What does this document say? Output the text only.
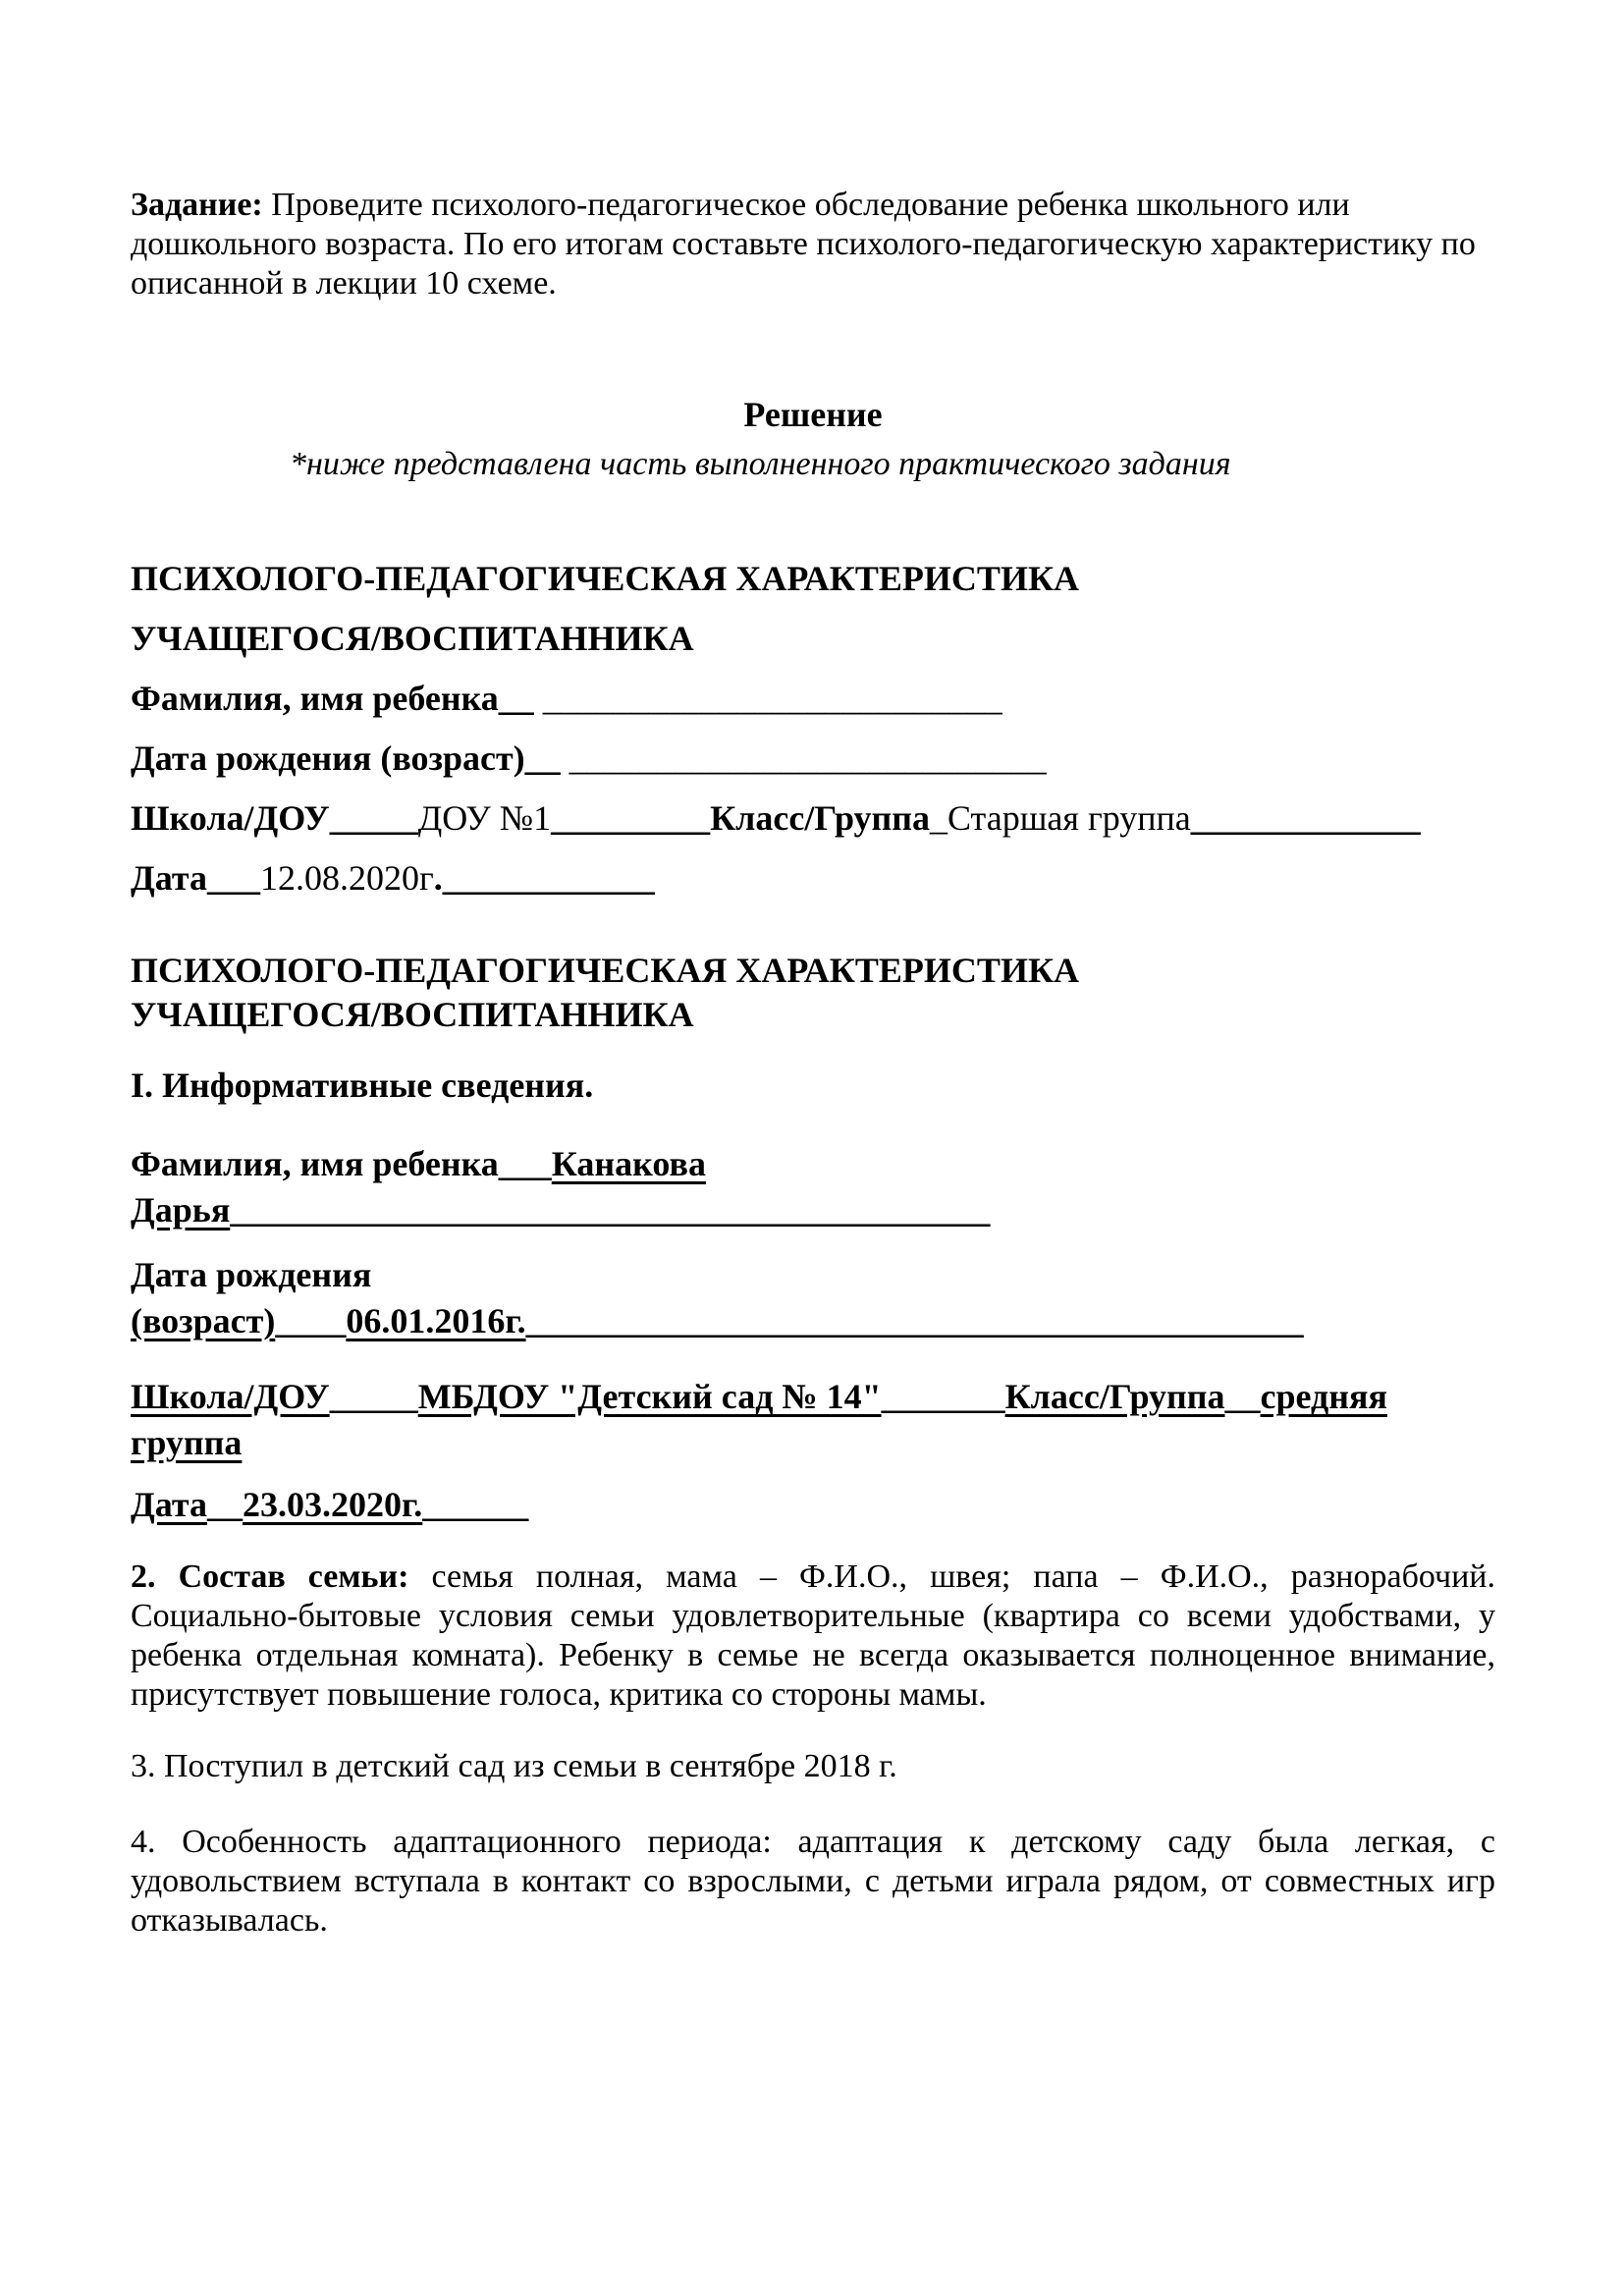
Задание: Проведите психолого-педагогическое обследование ребенка школьного или дошкольного возраста. По его итогам составьте психолого-педагогическую характеристику по описанной в лекции 10 схеме.

Решение

*ниже представлена часть выполненного практического задания

ПСИХОЛОГО-ПЕДАГОГИЧЕСКАЯ ХАРАКТЕРИСТИКА

УЧАЩЕГОСЯ/ВОСПИТАННИКА

Фамилия, имя ребенка__ __________________________

Дата рождения (возраст)__ ___________________________

Школа/ДОУ_____ДОУ №1_________Класс/Группа_Старшая группа_____________

Дата___12.08.2020г.____________

ПСИХОЛОГО-ПЕДАГОГИЧЕСКАЯ ХАРАКТЕРИСТИКА

УЧАЩЕГОСЯ/ВОСПИТАННИКА

I. Информативные сведения.

Фамилия, имя ребенка___Канакова
Дарья___________________________________________

Дата рождения
(возраст)____06.01.2016г.____________________________________________

Школа/ДОУ_____МБДОУ "Детский сад № 14"_______Класс/Группа__средняя
группа

Дата__23.03.2020г.______

2. Состав семьи: семья полная, мама – Ф.И.О., швея; папа – Ф.И.О., разнорабочий. Социально-бытовые условия семьи удовлетворительные (квартира со всеми удобствами, у ребенка отдельная комната). Ребенку в семье не всегда оказывается полноценное внимание, присутствует повышение голоса, критика со стороны мамы.

3. Поступил в детский сад из семьи в сентябре 2018 г.

4. Особенность адаптационного периода: адаптация к детскому саду была легкая, с удовольствием вступала в контакт со взрослыми, с детьми играла рядом, от совместных игр отказывалась.
